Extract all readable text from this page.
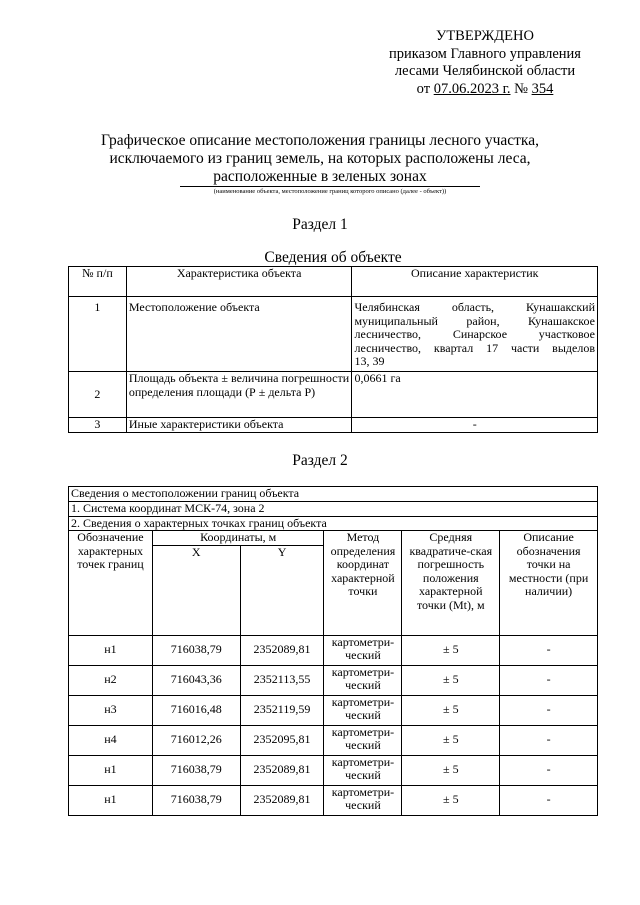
УТВЕРЖДЕНО
приказом Главного управления
лесами Челябинской области
от 07.06.2023 г. № 354
Графическое описание местоположения границы лесного участка,
исключаемого из границ земель, на которых расположены леса,
расположенные в зеленых зонах
(наименование объекта, местоположение границ которого описано (далее - объект))
Раздел 1
Сведения об объекте
№ п/п	Характеристика объекта	Описание характеристик
1	Местоположение объекта	Челябинская область, Кунашакский
муниципальный район, Кунашакское
лесничество, Синарское участковое
лесничество, квартал 17 части выделов
13, 39

2	Площадь объекта ± величина погрешности определения площади (Р ± дельта Р)	0,0661 га
3	Иные характеристики объекта	-
Раздел 2
Сведения о местоположении границ объекта					
1. Система координат МСК-74, зона 2					
2. Сведения о характерных точках границ объекта					
Обозначение характерных точек границ	Координаты, м		Метод определения координат характерной точки	Средняя квадратиче-ская погрешность положения характерной точки (Мt), м	Описание обозначения точки на местности (при наличии)
	X	Y			
н1	716038,79	2352089,81	картометри-ческий	± 5	-
н2	716043,36	2352113,55	картометри-ческий	± 5	-
н3	716016,48	2352119,59	картометри-ческий	± 5	-
н4	716012,26	2352095,81	картометри-ческий	± 5	-
н1	716038,79	2352089,81	картометри-ческий	± 5	-
н1	716038,79	2352089,81	картометри-ческий	± 5	-
